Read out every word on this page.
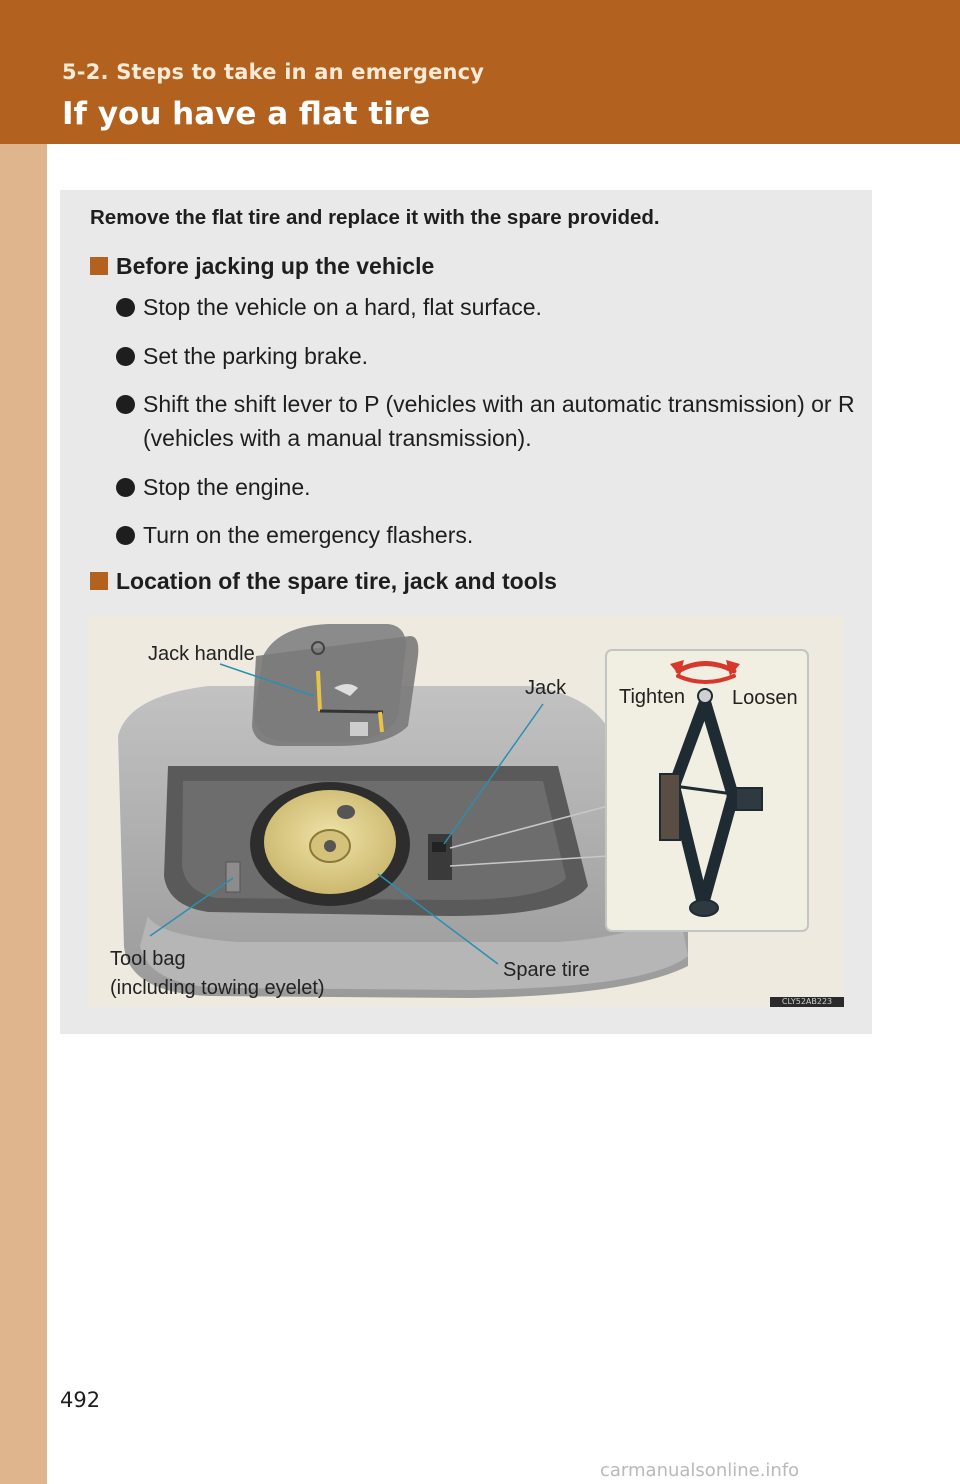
5-2. Steps to take in an emergency
If you have a flat tire
Remove the flat tire and replace it with the spare provided.
Before jacking up the vehicle
Stop the vehicle on a hard, flat surface.
Set the parking brake.
Shift the shift lever to P (vehicles with an automatic transmission) or R (vehicles with a manual transmission).
Stop the engine.
Turn on the emergency flashers.
Location of the spare tire, jack and tools
Jack handle
Jack	Tighten Loosen
Tool bag
(including towing eyelet)
Spare tire
CLY52AB223
492
carmanualsonline.info
